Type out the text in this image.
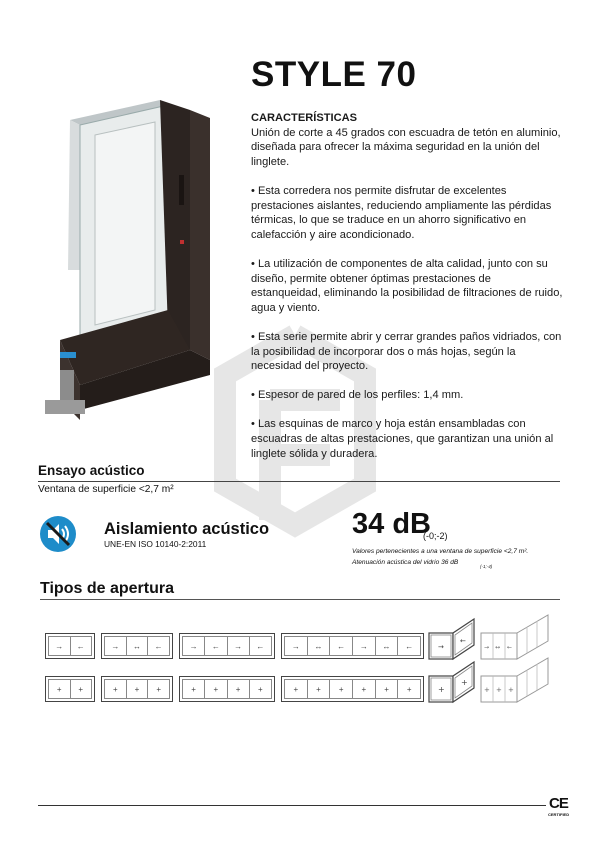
STYLE 70
CARACTERÍSTICAS

Unión de corte a 45 grados con escuadra de tetón en aluminio, diseñada para ofrecer la máxima seguridad en la unión del linglete.

• Esta corredera nos permite disfrutar de excelentes prestaciones aislantes, reduciendo ampliamente las pérdidas térmicas, lo que se traduce en un ahorro significativo en calefacción y aire acondicionado.

• La utilización de componentes de alta calidad, junto con su diseño, permite obtener óptimas prestaciones de estanqueidad, eliminando la posibilidad de filtraciones de ruido, agua y viento.

• Esta serie permite abrir y cerrar grandes paños vidriados, con la posibilidad de incorporar dos o más hojas, según la necesidad del proyecto.

• Espesor de pared de los perfiles: 1,4 mm.

• Las esquinas de marco y hoja están ensambladas con escuadras de altas prestaciones, que garantizan una unión al linglete sólida y duradera.

Ensayo acústico
Ventana de superficie <2,7 m²
Aislamiento acústico
UNE-EN ISO 10140-2:2011
34 dB
(-0;-2)
Valores pertenecientes a una ventana de superficie <2,7 m².
Atenuación acústica del vidrio 36 dB
(-1;-4)
Tipos de apertura
→	←	→	↔	←	→	←	→	←	→	↔	←	→	↔	←	→
←
→ ↔ ←
+	+	+	+	+	+	+	+	+	+	+	+	+	+	+	+
+
+ + +
CE
CERTIFIED
